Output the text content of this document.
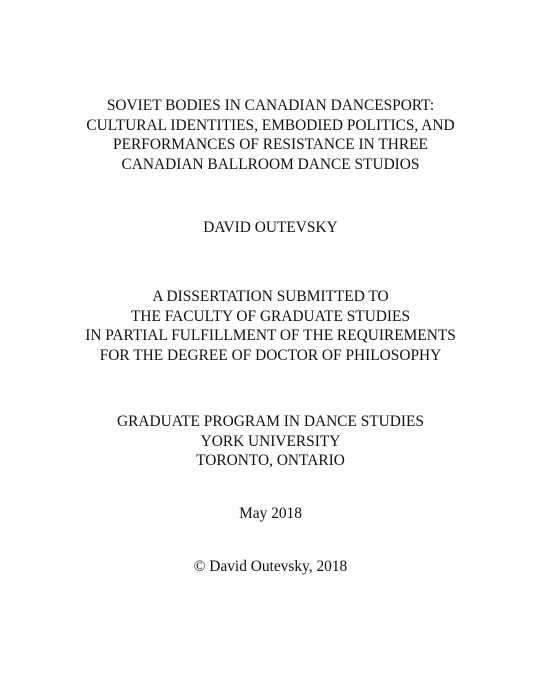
SOVIET BODIES IN CANADIAN DANCESPORT:
CULTURAL IDENTITIES, EMBODIED POLITICS, AND
PERFORMANCES OF RESISTANCE IN THREE
CANADIAN BALLROOM DANCE STUDIOS
DAVID OUTEVSKY
A DISSERTATION SUBMITTED TO
THE FACULTY OF GRADUATE STUDIES
IN PARTIAL FULFILLMENT OF THE REQUIREMENTS
FOR THE DEGREE OF DOCTOR OF PHILOSOPHY
GRADUATE PROGRAM IN DANCE STUDIES
YORK UNIVERSITY
TORONTO, ONTARIO
May 2018
© David Outevsky, 2018
